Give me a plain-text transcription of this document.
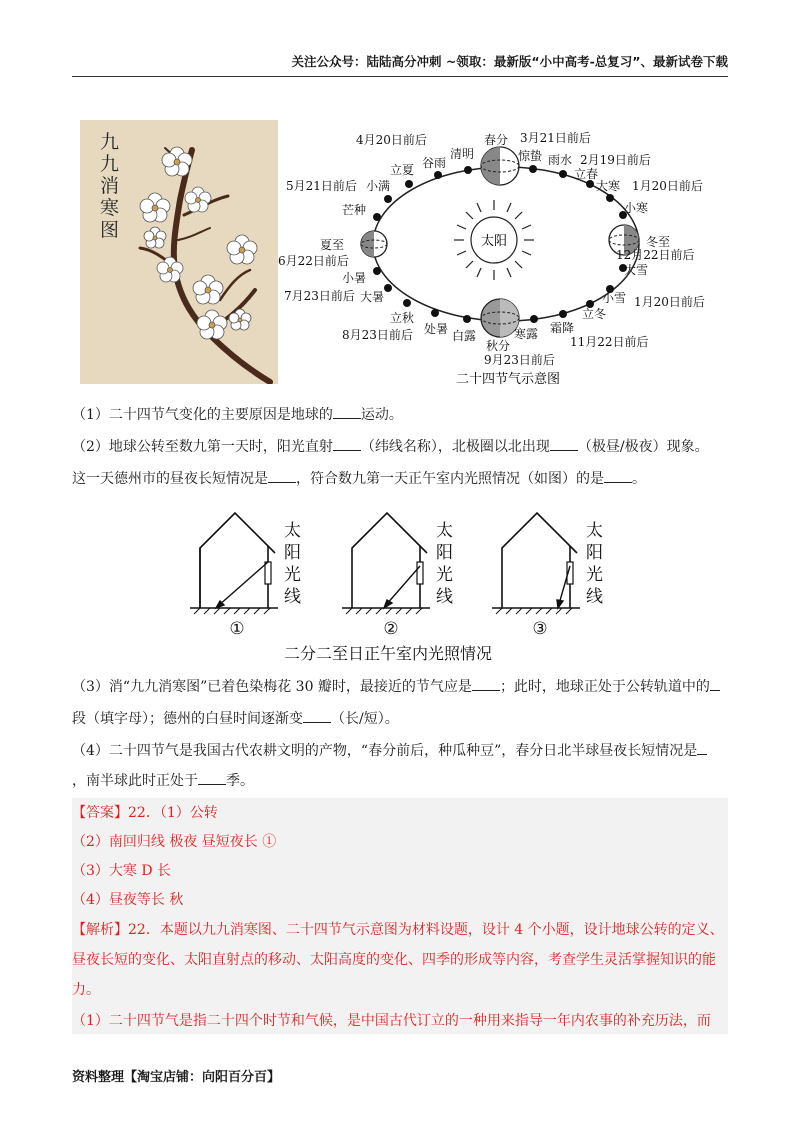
关注公众号：陆陆高分冲刺 ~领取：最新版“小中高考-总复习”、最新试卷下载
九
九
消
寒
图
太阳
4月20日前后	春分 3月21日前后
清明
谷雨	惊蛰
立夏
雨水 2月19日前后
立春
5月21日前后 小满	大寒 1月20日前后
芒种	小寒
夏至	冬至
6月22日前后	12月22日前后
小暑
大雪
7月23日前后 大暑	小雪 1月20日前后
立秋	立冬
8月23日前后 处暑 白露	寒露 霜降
11月22日前后
秋分
9月23日前后
二十四节气示意图
（1）二十四节气变化的主要原因是地球的 运动。
（2）地球公转至数九第一天时，阳光直射 （纬线名称），北极圈以北出现 （极昼/极夜）现象。
这一天德州市的昼夜长短情况是 ，符合数九第一天正午室内光照情况（如图）的是 。
太
阳
光
线
太
阳
光
线
太
阳
光
线
①	②	③
二分二至日正午室内光照情况
（3）消“九九消寒图”已着色染梅花 30 瓣时，最接近的节气应是 ；此时，地球正处于公转轨道中的
段（填字母）；德州的白昼时间逐渐变 （长/短）。
（4）二十四节气是我国古代农耕文明的产物，“春分前后，种瓜种豆”，春分日北半球昼夜长短情况是
，南半球此时正处于 季。
【答案】22．（1）公转
（2）南回归线 极夜 昼短夜长 ①
（3）大寒 D 长
（4）昼夜等长 秋
【解析】22．本题以九九消寒图、二十四节气示意图为材料设题，设计 4 个小题，设计地球公转的定义、
昼夜长短的变化、太阳直射点的移动、太阳高度的变化、四季的形成等内容，考查学生灵活掌握知识的能
力。
（1）二十四节气是指二十四个时节和气候，是中国古代订立的一种用来指导一年内农事的补充历法，而
资料整理【淘宝店铺：向阳百分百】
